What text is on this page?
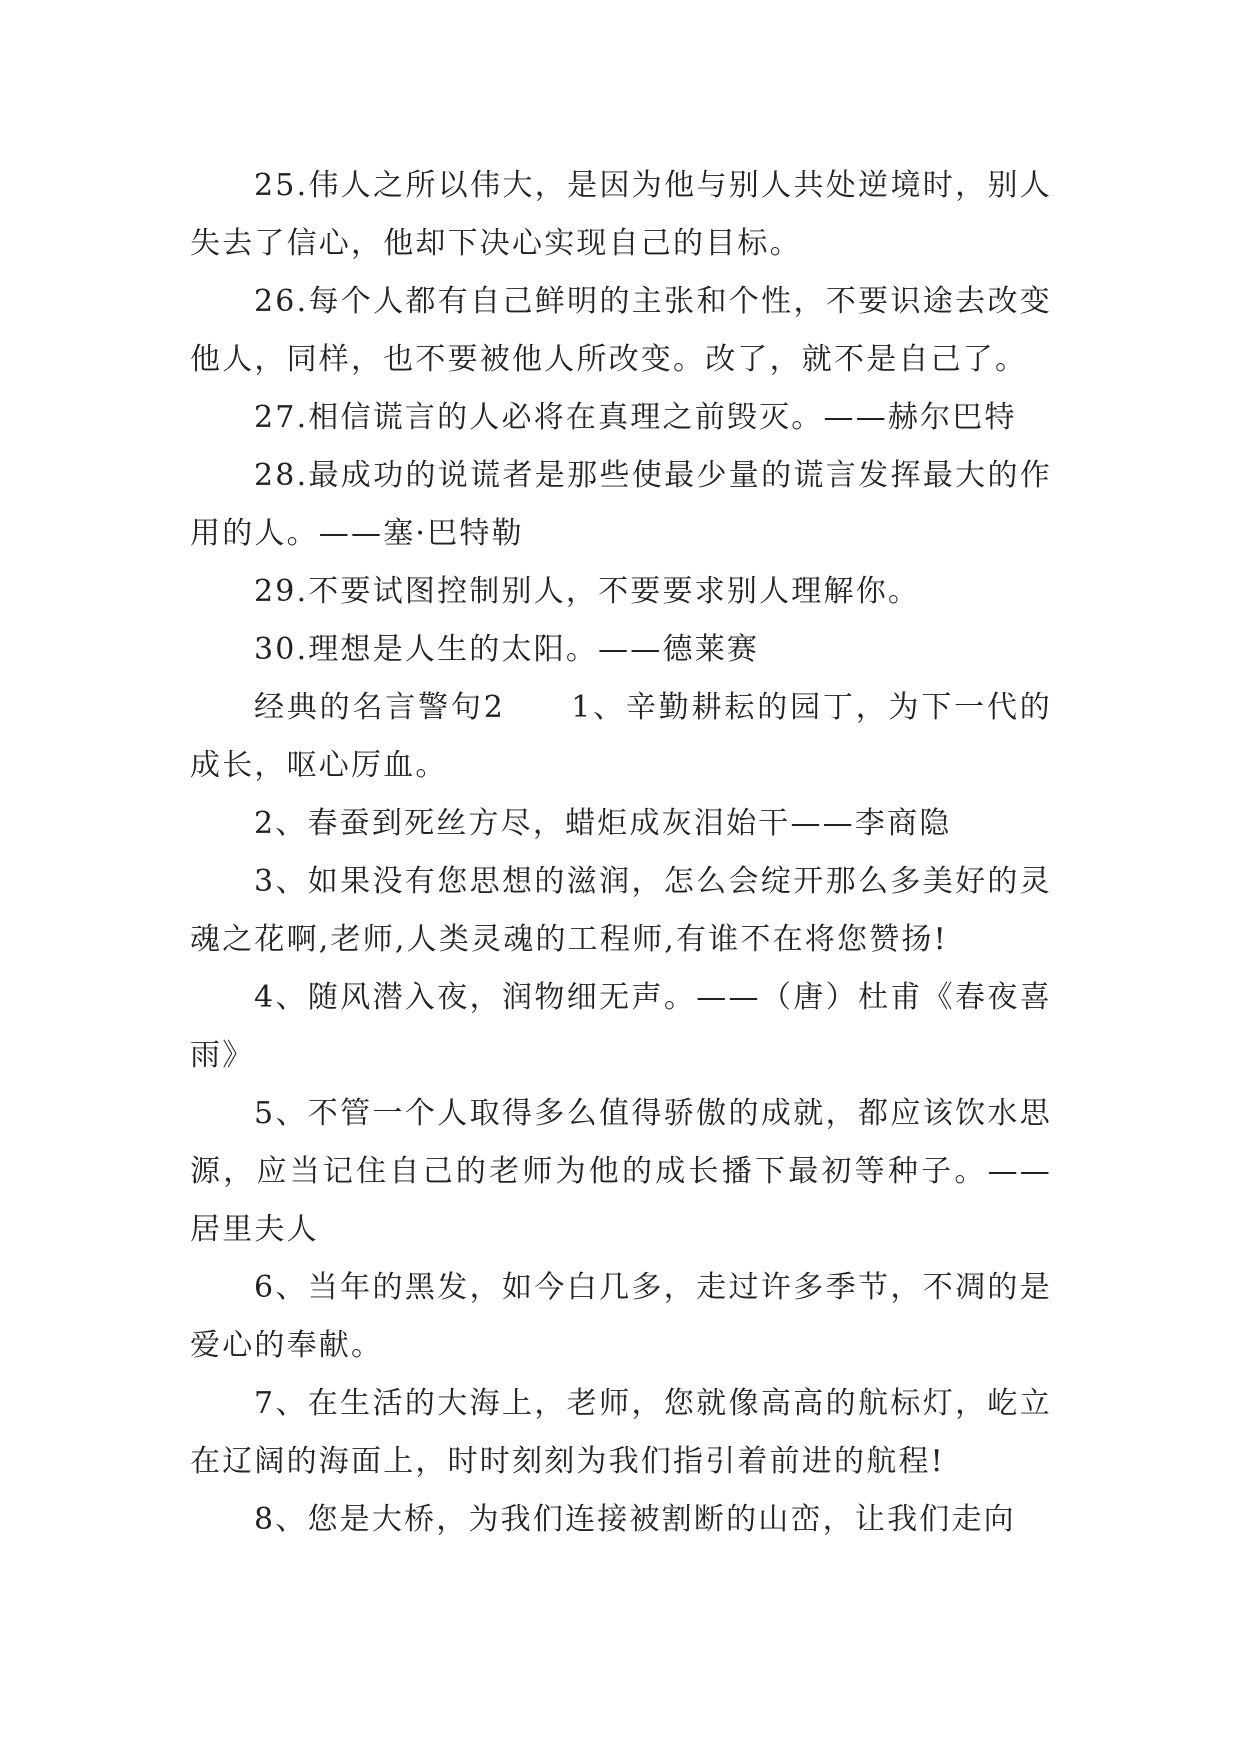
25.伟人之所以伟大，是因为他与别人共处逆境时，别人失去了信心，他却下决心实现自己的目标。

26.每个人都有自己鲜明的主张和个性，不要识途去改变他人，同样，也不要被他人所改变。改了，就不是自己了。

27.相信谎言的人必将在真理之前毁灭。——赫尔巴特

28.最成功的说谎者是那些使最少量的谎言发挥最大的作用的人。——塞·巴特勒

29.不要试图控制别人，不要要求别人理解你。

30.理想是人生的太阳。——德莱赛

经典的名言警句2　　1、辛勤耕耘的园丁，为下一代的成长，呕心厉血。

2、春蚕到死丝方尽，蜡炬成灰泪始干——李商隐

3、如果没有您思想的滋润，怎么会绽开那么多美好的灵魂之花啊,老师,人类灵魂的工程师,有谁不在将您赞扬!

4、随风潜入夜，润物细无声。——（唐）杜甫《春夜喜雨》

5、不管一个人取得多么值得骄傲的成就，都应该饮水思源，应当记住自己的老师为他的成长播下最初等种子。——居里夫人

6、当年的黑发，如今白几多，走过许多季节，不凋的是爱心的奉献。

7、在生活的大海上，老师，您就像高高的航标灯，屹立在辽阔的海面上，时时刻刻为我们指引着前进的航程!

8、您是大桥，为我们连接被割断的山峦，让我们走向
